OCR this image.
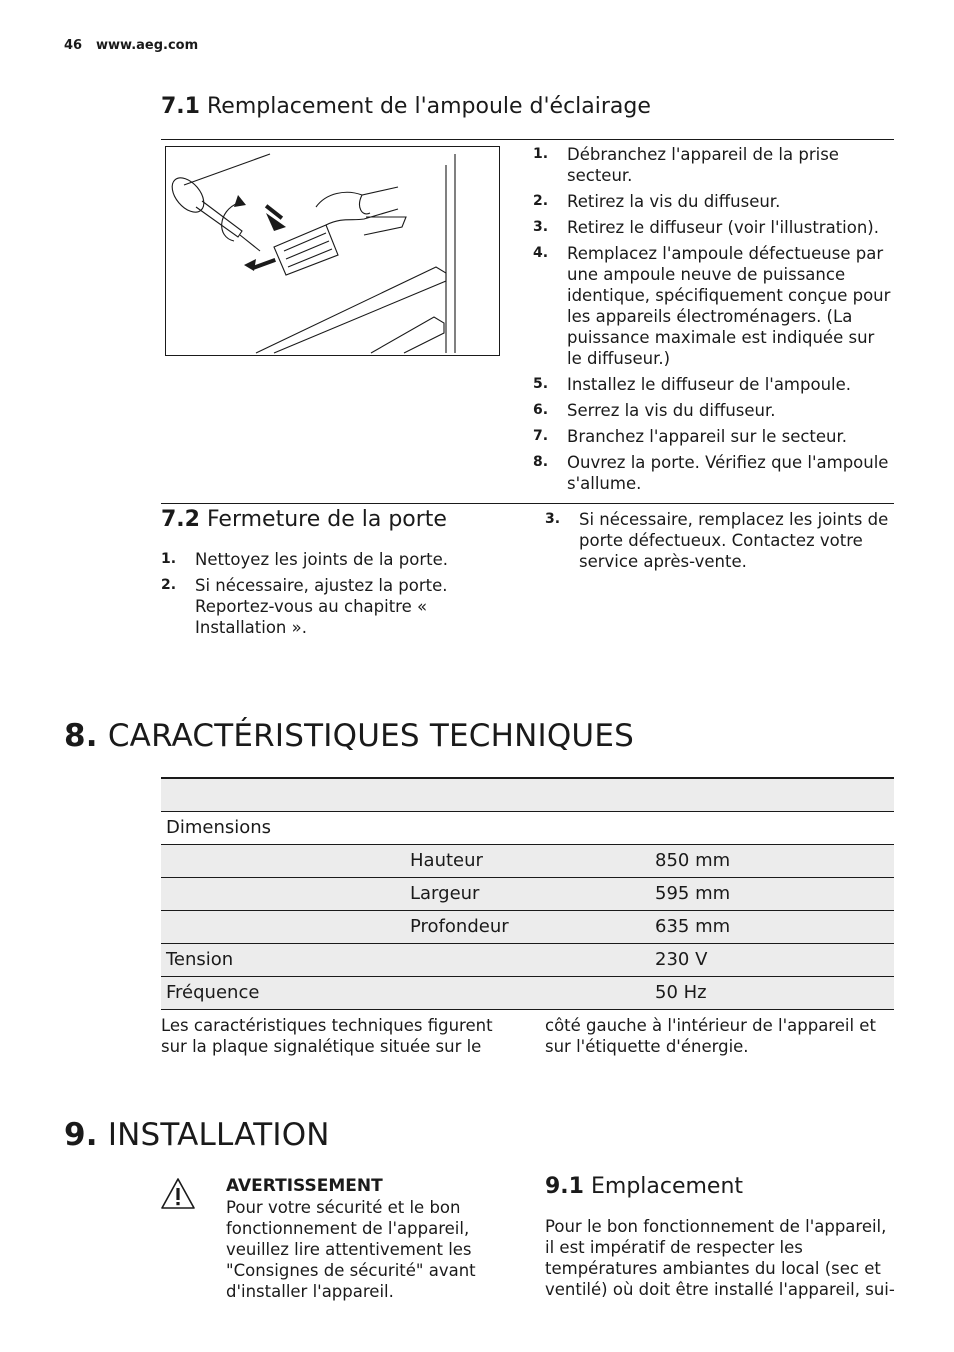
46 www.aeg.com
7.1 Remplacement de l'ampoule d'éclairage
1. Débranchez l'appareil de la prise secteur.
2. Retirez la vis du diffuseur.
3. Retirez le diffuseur (voir l'illustration).
4. Remplacez l'ampoule défectueuse par une ampoule neuve de puissance identique, spécifiquement conçue pour les appareils électroménagers. (La puissance maximale est indiquée sur le diffuseur.)
5. Installez le diffuseur de l'ampoule.
6. Serrez la vis du diffuseur.
7. Branchez l'appareil sur le secteur.
8. Ouvrez la porte. Vérifiez que l'ampoule s'allume.
7.2 Fermeture de la porte
1. Nettoyez les joints de la porte.
2. Si nécessaire, ajustez la porte. Reportez-vous au chapitre « Installation ».
3. Si nécessaire, remplacez les joints de porte défectueux. Contactez votre service après-vente.
8. CARACTÉRISTIQUES TECHNIQUES
Dimensions
Hauteur	850 mm
Largeur	595 mm
Profondeur	635 mm
Tension	230 V
Fréquence	50 Hz
Les caractéristiques techniques figurent sur la plaque signalétique située sur le
côté gauche à l'intérieur de l'appareil et sur l'étiquette d'énergie.
9. INSTALLATION
AVERTISSEMENT
Pour votre sécurité et le bon fonctionnement de l'appareil, veuillez lire attentivement les "Consignes de sécurité" avant d'installer l'appareil.
9.1 Emplacement
Pour le bon fonctionnement de l'appareil, il est impératif de respecter les températures ambiantes du local (sec et ventilé) où doit être installé l'appareil, sui-
